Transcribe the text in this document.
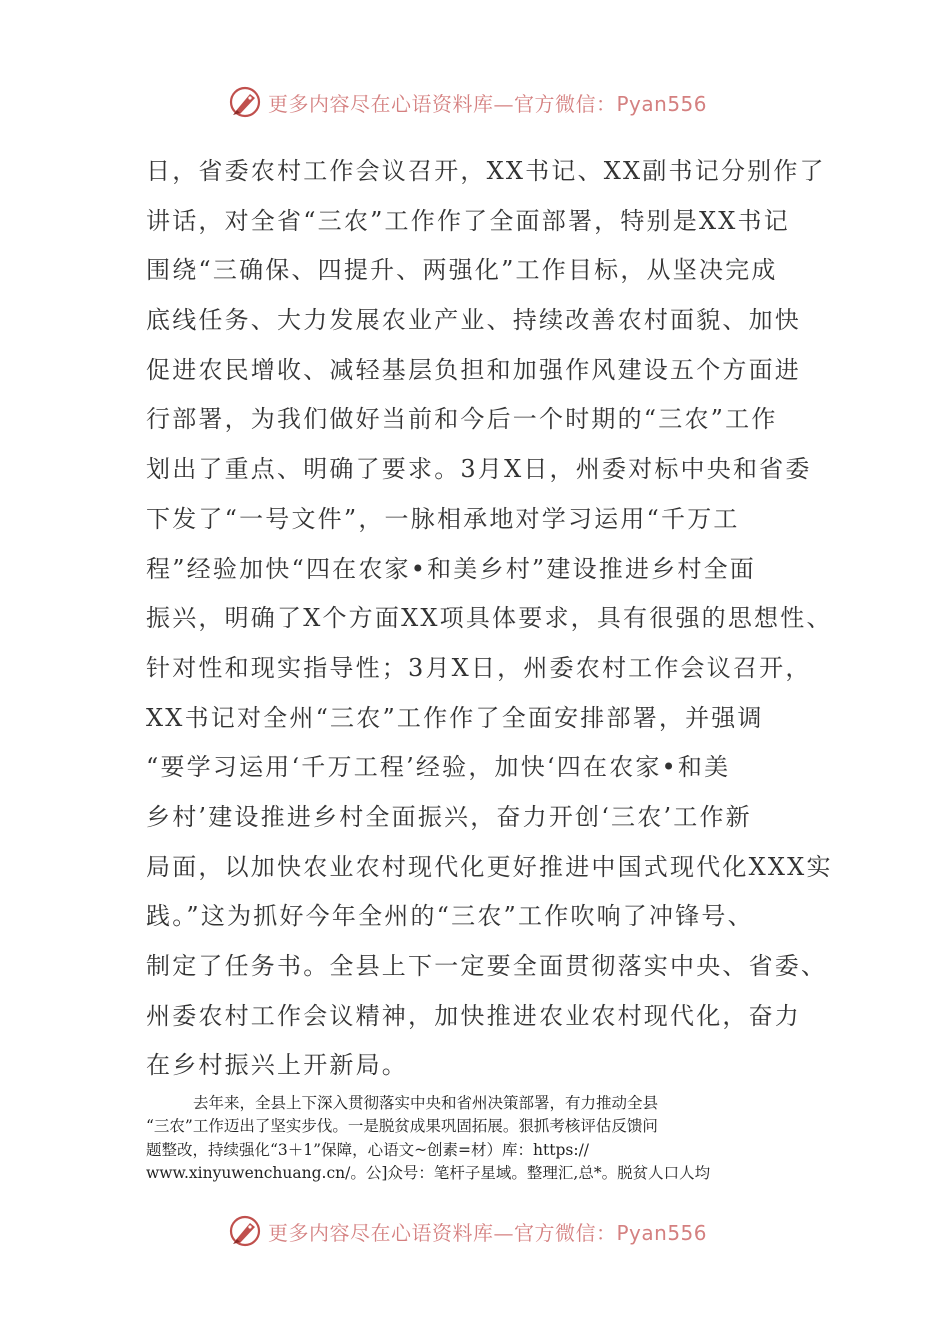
更多内容尽在心语资料库—官方微信：Pyan556
日，省委农村工作会议召开，XX书记、XX副书记分别作了
讲话，对全省“三农”工作作了全面部署，特别是XX书记
围绕“三确保、四提升、两强化”工作目标，从坚决完成
底线任务、大力发展农业产业、持续改善农村面貌、加快
促进农民增收、减轻基层负担和加强作风建设五个方面进
行部署，为我们做好当前和今后一个时期的“三农”工作
划出了重点、明确了要求。3月X日，州委对标中央和省委
下发了“一号文件”，一脉相承地对学习运用“千万工
程”经验加快“四在农家•和美乡村”建设推进乡村全面
振兴，明确了X个方面XX项具体要求，具有很强的思想性、
针对性和现实指导性；3月X日，州委农村工作会议召开，
XX书记对全州“三农”工作作了全面安排部署，并强调
“要学习运用‘千万工程’经验，加快‘四在农家•和美
乡村’建设推进乡村全面振兴，奋力开创‘三农’工作新
局面，以加快农业农村现代化更好推进中国式现代化XXX实
践。”这为抓好今年全州的“三农”工作吹响了冲锋号、
制定了任务书。全县上下一定要全面贯彻落实中央、省委、
州委农村工作会议精神，加快推进农业农村现代化，奋力
在乡村振兴上开新局。
去年来，全县上下深入贯彻落实中央和省州决策部署，有力推动全县
“三农”工作迈出了坚实步伐。一是脱贫成果巩固拓展。狠抓考核评估反馈问
题整改，持续强化“3＋1”保障，心语文~创素=材）库：https://
www.xinyuwenchuang.cn/。公]众号：笔杆子星域。整理汇,总*。脱贫人口人均
更多内容尽在心语资料库—官方微信：Pyan556
